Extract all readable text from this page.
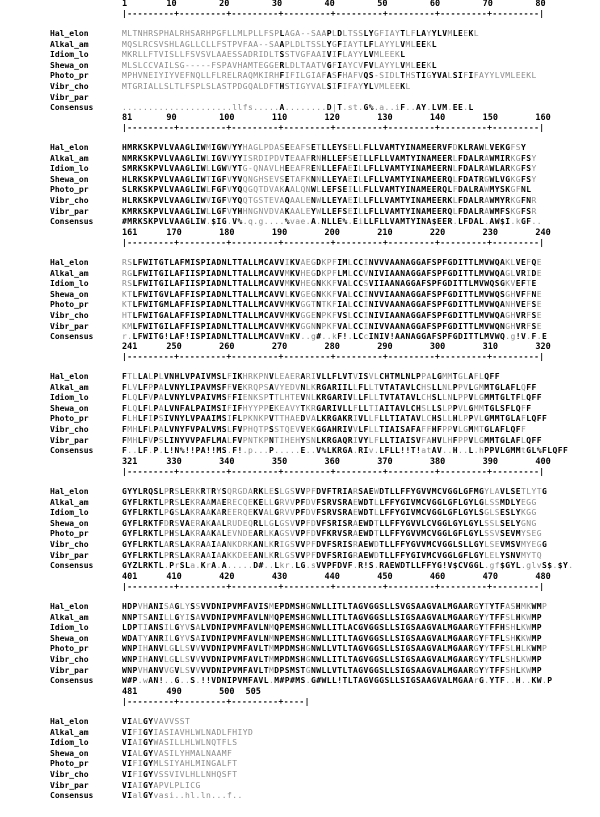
1	10	20	30	40	50	60	70	80
|---------+---------+---------+---------+---------+---------+---------+---------|
Hal_elon	MLTNHRSPHALRHSARHPGFLLMLPLLFSPLAGA--SAAPLDLTSSLYGFIAYTLFLAYYLVMLEEKL
Alkal_am	MQSLRCSVSHLAGLLCLLFSTPVFAA--SAAPLDLTSSLYGFIAYTLFLAYYLVMLEEKL
Idiom_lo	MKRLLFTVISLLFSVSVLAAESSADRIDLTSSTVGFAAIVIFLAYYLVMLEEKL
Shewa_on	MLSLCCVAILSG-----FSPAVHAMTEGGERLDLTAATVGFIAYCVFVLAYYLVMLEEKL
Photo_pr	MPHVNEIYIYVEFNQLLFLRELRAQMKIRHFIFILGIAFASFHAFVQS-SIDLTHSTIGYVALSIFIFAYYLVMLEEKL
Vibr_cho	MTGRIALLSLTLFSPLSLASTPDGQALDFTHSTIGYVALSIFIFAYYLVMLEEKL
Vibr_par
Consensus	.....................llfs.....A........D|T.st.G%.a..iF..AY.LVM.EE.L
81	90	100	110	120	130	140	150	160
|---------+---------+---------+---------+---------+---------+---------+---------|
Hal_elon	HMRKSKPVLVAAGLIWMIGWVYYHAGLPDASEEAFSETLLEYSELLFLLVAMTYINAMEERVFDKLRAWLVEKGFSY
Alkal_am	NMRKSKPVLVAAGLIWLIGVVYYISRDIPDVTEAAFRNHLLEFSEILLFLLVAMTYINAMEERLFDALRAWMIRKGFSY
Idiom_lo	SMRKSKPVLVAAGLIWLLGWVYTG-QNAVLHEEAFRENLLEFAEILLFLLVAMTYINAMEERNLFDALRAWLARKGFSY
Shewa_on	HLRKSKPVLVAAGLIWTIGFVYVQNGHSEVSETAFKNNLLEYAEILLFLLVAMTYINAMEERQLFDATRGWLVGKGFSY
Photo_pr	SLRKSKPVLVAAGLIWLFGFVYQQGQTDVAKAALQNWLLEFSEILLFLLVAMTYINAMEERQLFDALRAWMYSKGFNL
Vibr_cho	HLRKSKPVLVAAGLIWVIGFVYQQTGSTEVAQAALENWLLEYAEILLFLLVAMTYINAMEERKLFDALRAWMYRKGFNR
Vibr_par	KMRKSKPVLVAAGLIWLLGFVYHHNGNVDVAKAALEYWLLEFSEILLFLLVAMTYINAMEERQLFDALRAWMFSKGFSR
Consensus	#MRKSKPVLVAAGLIW.$IG.V%.q.g....%vae.A.NLLE%.EiLLFLLVAMTYINA$EER.LFDAL.AW$I.kGF..
161	170	180	190	200	210	220	230	240
|---------+---------+---------+---------+---------+---------+---------+---------|
Hal_elon	RSLFWITGTLAFMISPIADNLTTALLMCAVVIKVAEGDKPFIMLCCINVVVAANAGGAFSPFGDITTLMVWQAKLVEFQE
Alkal_am	RGLFWITGILAFIISPIADNLTTALLMCAVVMKVHEGDKPFLMLCCVNIVIAANAGGAFSPFGDITTLMVWQAGLVRIDE
Idiom_lo	RSLFWITGILAFIISPIADNLTTALLMCAVVMKVHEGNKKFVALCCSVIIAANAGGAFSPFGDITTLMVWQSGKVEFTE
Shewa_on	KTLFWITGVLAFFISPIADNLTTALLMCAVVLKVGEGNKKFVALCCINVVIAANAGGAFSPFGDITTLMVWQSGHVFFNE
Photo_pr	KTLFWITGMLAFFISPIADNLTTALLMCAVVMKVGGTNTKFIALCCINIVVAANAGGAFSPFGDITTLMVWQANHVEFSE
Vibr_cho	HTLFWITGALAFFISPIADNLTTALLMCAVVMKVGGENPKFVSLCCINIVIAANAGGAFSPFGDITTLMVWQAGHVRFSE
Vibr_par	KMLFWITGILAFFISPIADNLTTALLMCAVVMKVGGNNPKFVALCCINIVVAANAGGAFSPFGDITTLMVWQNGHVRFSE
Consensus	r.LFWITG!LAF!ISPIADNLTTALLMCAVVmKV..g#..kF!.LCcINIV!AANAGGAFSPFGDITTLMVWQ.g!V.F.E
241	250	260	270	280	290	300	310	320
|---------+---------+---------+---------+---------+---------+---------+---------|
Hal_elon	FTLLALPLVNHLVPAIVMSLFIKHRKPNVLEAERARIVLLFLVTVISVLCHTMLNLPPALGMMTGLAFLQFF
Alkal_am	FLVLFPPALVNYLIPAVMSFFVEKRQPSAVYEDVNLKRGARIILLFLLTVTATAVLCHSLLNLPPVLGMMTGLAFLQFF
Idiom_lo	FLQLFVPALVNYLVPAIVMSFFIENKSPTTLHTEVNLKRGARIVLLFLLTVTATAVLCHSLLNLPPVLGMMTGLTFLQFF
Shewa_on	FLQLFLPALVNFALPAIMSIFIFHYYPPEKEAVYTKRGARIVLLFLLTIAITAVLCHSLLSLPPVLGMMTGLSFLQFF
Photo_pr	FLHLFIPSIVNYLVPAAIMSIFLPKNKPVTTHAEDVALKRGAKRIVLLFLLTIATAVLCHSLLHLPPVLGMMTGLAFLQFF
Vibr_cho	FMHLFLPALVNYFVPALVMSLFVPHQTPSSTQEVVEKGGAHRIVVLFLLTIAISAFAFFHFPPVLGMMTGLAFLQFF
Vibr_par	FMHLFVPSLINYVVPAFLMALFVPNTKPNTIHEHYSNLKRGAQRIVYLFLLTIAISVFAHVLHFPPVLGMMTGLAFLQFF
Consensus	F..LF.P.L!N%!!PA!!MS.F!.p...P.....E..V%LKRGA.RIv.LFLL!!T!atAV..H..L.hPPVLGMMtGL%FLQFF
321	330	340	350	360	370	380	390	400
|---------+---------+---------+---------+---------+---------+---------+---------|
Hal_elon	GYYLRQSLPRSLERKRTRYSQRGDARKLESLGSVVPFDVFTRIARSAEWDTLLFFYGVVMCVGGLGFMGYLAVLSETLYTG
Alkal_am	GYFLRKTLPRSLEKRAAMAERECQEKELLGRVVPFDVFSRVSRAEWDTLLFFYGIVMCVGGLGFLGYLGLSSMDLYEGG
Idiom_lo	GYFLRKTLPGSLAKRAAKAREERQEKVALGRVVPFDVFSRVSRAEWDTLLFFYGIVMCVGGLGFLGYLSGLSESLYKGG
Shewa_on	GYFLRKTFDRSVAERAKAALRUDEQRLLGLGSVVPFDVFSRISRAEWDTLLFFYGVVLCVGGLGYLGYLSSLSELYGNG
Photo_pr	GYFLRKTLPHSLAKRAAKALEVNDEARLKAGSVVPFDVFKRVSRAEWDTLLFFYGVVMCVGGLGFLGYLSSVSEVMYSEG
Vibr_cho	GYFLRKTLARSLAKRAAIAANKDRKANLKRIGSVVPFDVFSRISRAEWDTLLFFYGVVMCVGGLSLLGYLSEVMSVMYEGG
Vibr_par	GYFLRKTLPRSLAKRAAIAAKKDEEANLKRLGSVVPFDVFSRIGRAEWDTLLFFYGIVMCVGGLGFLGYLELYSNVMYTQ
Consensus	GYZLRKTL.PrSLa.KrA.A.....D#..Lkr.LG.sVVPFDVF.R!S.RAEWDTLLFFYG!V$CVGGL.gf$GYL.glvS$.$Y.
401	410	420	430	440	450	460	470	480
|---------+---------+---------+---------+---------+---------+---------+---------|
Hal_elon	HDPVHANISAGLYSSVVDNIPVMFAVISMEPDMSHGNWLLITLTAGVGGSLLSVGSAAGVALMGAARGYTYTFASHMKWMP
Alkal_am	NNPTSANILLGYISAVVDNIPVMFAVLNMQPEMSHGNWLLITLTAGVGGSLLSIGSAAGVALMGAARGYYTFFSLHKWMP
Idiom_lo	LDPTIANSILGYVSALVDNIPVMFAVLNMQPEMSHGNWLLITLACGVGGSLLSIGSAAGVALMGAARGYTFFHSHLKWMP
Shewa_on	WDATYANRILGYVSAIVDNIPVMFAVLNMNPEMSHGNWLLITLTAGVGGSLLSIGSAAGVALMGAARGYFTFLSHKKWMP
Photo_pr	WNPIHANVLGLLSVVVVDNIPVMFAVLTMMPDMSHGNWLLVTLTAGVGGSLLSIGSAAGVALMGAARGYYTFFSLHLKWMP
Vibr_cho	WNPIHANVLGLLSVVVVDNIPVMFAVLTMMPDMSHGNWLLITLTAGVGGSLLSIGSAAGVALMGAARGYYTFLSHLKWMP
Vibr_par	WNPVHANVVGVLSVVVVDNIPVMFAVLTMDPSMSTGNWLLVTLTAGVGGSLLSIGSAAGVALMGAARGYYTFFSHLKWMP
Consensus	W#P.wAN!..G..S.!!VDNIPVMFAVL.M#P#MS.G#WLL!TLTAGVGGSLLSIGSAAGVALMGAArG.YTF..H..KW.P
481	490	500 505
|---------+---------+---------+----|
Hal_elon	VIALGYVAVVSST
Alkal_am	VIFIGYIASIAVHLWLNADLFHIYD
Idiom_lo	VIAIGYWASILLHLWLNQTFLS
Shewa_on	VIALGYVASILYHMALNAAMF
Photo_pr	VIFIGYMLSIYAHLMINGALFT
Vibr_cho	VIFIGYVSSVIVLHLLNHQSFT
Vibr_par	VIAIGYAPVLPLICG
Consensus	VIalGYvasi..hl.ln...f..
